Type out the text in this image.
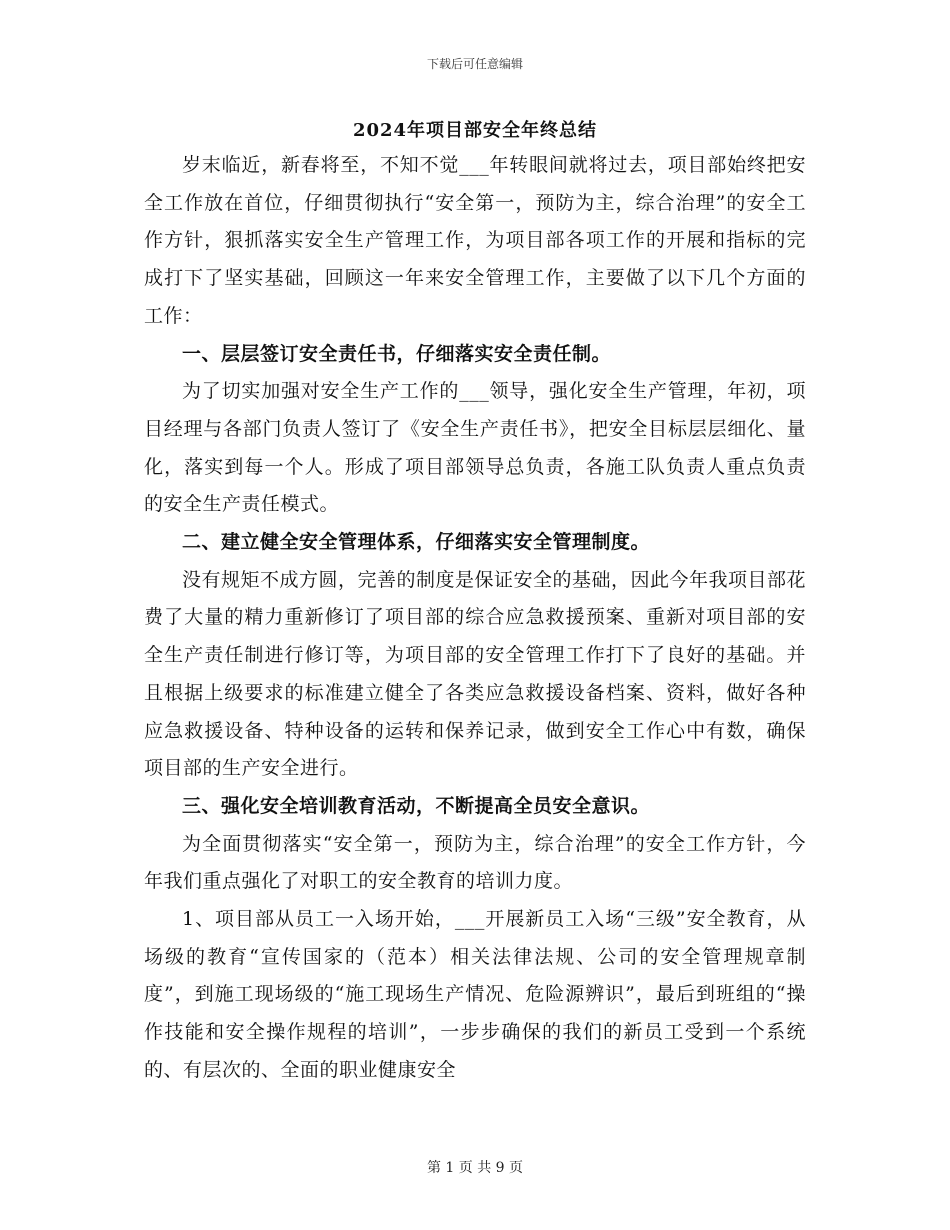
下载后可任意编辑
2024年项目部安全年终总结

岁末临近，新春将至，不知不觉___年转眼间就将过去，项目部始终把安全工作放在首位，仔细贯彻执行“安全第一，预防为主，综合治理”的安全工作方针，狠抓落实安全生产管理工作，为项目部各项工作的开展和指标的完成打下了坚实基础，回顾这一年来安全管理工作，主要做了以下几个方面的工作：

一、层层签订安全责任书，仔细落实安全责任制。

为了切实加强对安全生产工作的___领导，强化安全生产管理，年初，项目经理与各部门负责人签订了《安全生产责任书》，把安全目标层层细化、量化，落实到每一个人。形成了项目部领导总负责，各施工队负责人重点负责的安全生产责任模式。

二、建立健全安全管理体系，仔细落实安全管理制度。

没有规矩不成方圆，完善的制度是保证安全的基础，因此今年我项目部花费了大量的精力重新修订了项目部的综合应急救援预案、重新对项目部的安全生产责任制进行修订等，为项目部的安全管理工作打下了良好的基础。并且根据上级要求的标准建立健全了各类应急救援设备档案、资料，做好各种应急救援设备、特种设备的运转和保养记录，做到安全工作心中有数，确保项目部的生产安全进行。

三、强化安全培训教育活动，不断提高全员安全意识。

为全面贯彻落实“安全第一，预防为主，综合治理”的安全工作方针，今年我们重点强化了对职工的安全教育的培训力度。

1、项目部从员工一入场开始，___开展新员工入场“三级”安全教育，从场级的教育“宣传国家的（范本）相关法律法规、公司的安全管理规章制度”，到施工现场级的“施工现场生产情况、危险源辨识”，最后到班组的“操作技能和安全操作规程的培训”，一步步确保的我们的新员工受到一个系统的、有层次的、全面的职业健康安全

第 1 页 共 9 页
